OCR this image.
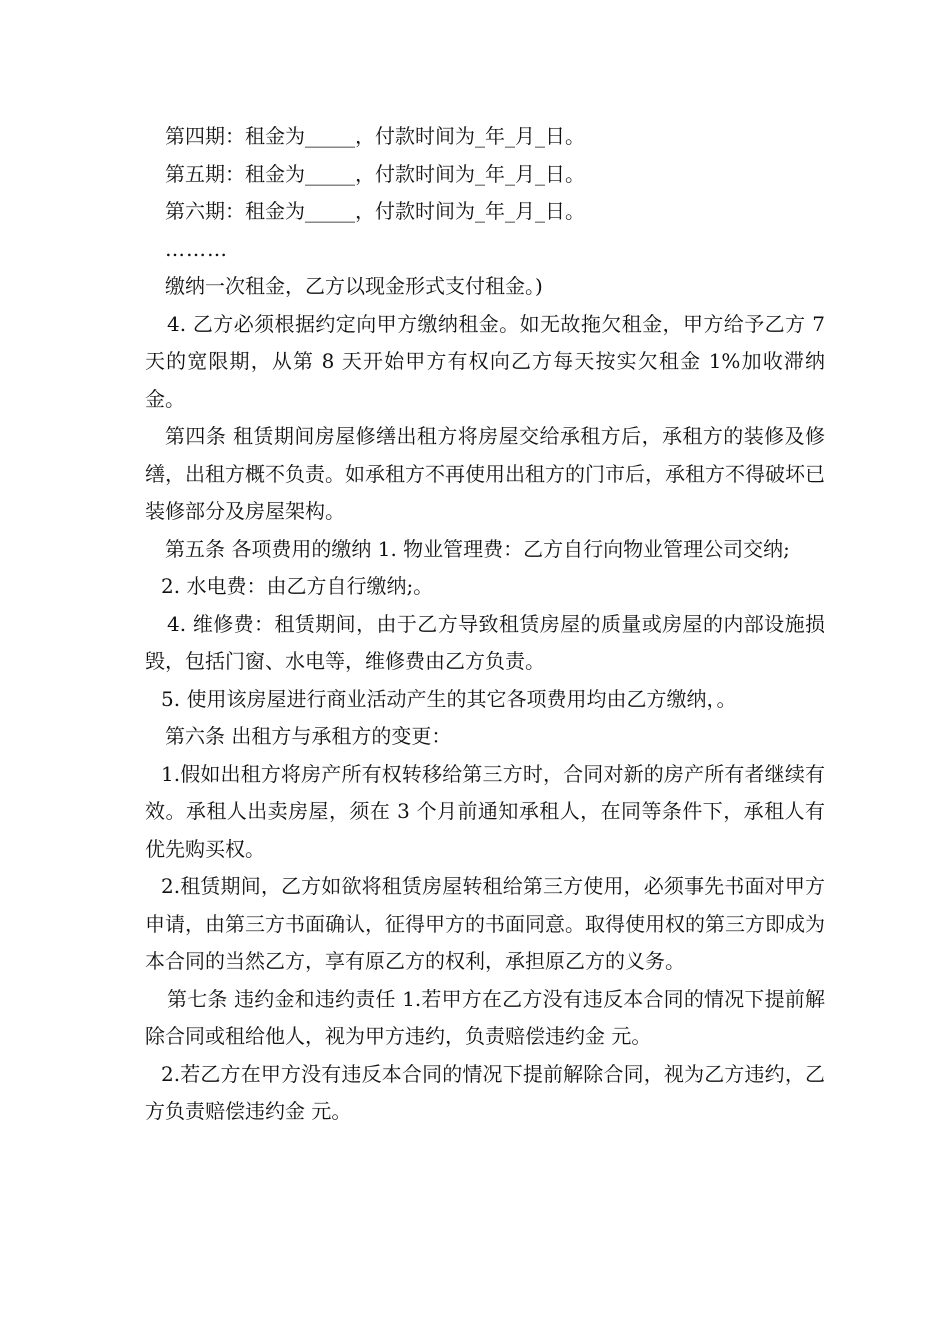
第四期：租金为_____，付款时间为_年_月_日。

第五期：租金为_____，付款时间为_年_月_日。

第六期：租金为_____，付款时间为_年_月_日。

………

缴纳一次租金，乙方以现金形式支付租金。)

4. 乙方必须根据约定向甲方缴纳租金。如无故拖欠租金，甲方给予乙方 7 天的宽限期，从第 8 天开始甲方有权向乙方每天按实欠租金 1%加收滞纳金。

第四条 租赁期间房屋修缮出租方将房屋交给承租方后，承租方的装修及修缮，出租方概不负责。如承租方不再使用出租方的门市后，承租方不得破坏已装修部分及房屋架构。

第五条 各项费用的缴纳 1. 物业管理费：乙方自行向物业管理公司交纳;

2. 水电费：由乙方自行缴纳;。

4. 维修费：租赁期间，由于乙方导致租赁房屋的质量或房屋的内部设施损毁，包括门窗、水电等，维修费由乙方负责。

5. 使用该房屋进行商业活动产生的其它各项费用均由乙方缴纳，。

第六条 出租方与承租方的变更：

1.假如出租方将房产所有权转移给第三方时，合同对新的房产所有者继续有效。承租人出卖房屋，须在 3 个月前通知承租人，在同等条件下，承租人有优先购买权。

2.租赁期间，乙方如欲将租赁房屋转租给第三方使用，必须事先书面对甲方申请，由第三方书面确认，征得甲方的书面同意。取得使用权的第三方即成为本合同的当然乙方，享有原乙方的权利，承担原乙方的义务。

第七条 违约金和违约责任 1.若甲方在乙方没有违反本合同的情况下提前解除合同或租给他人，视为甲方违约，负责赔偿违约金 元。

2.若乙方在甲方没有违反本合同的情况下提前解除合同，视为乙方违约，乙方负责赔偿违约金 元。
